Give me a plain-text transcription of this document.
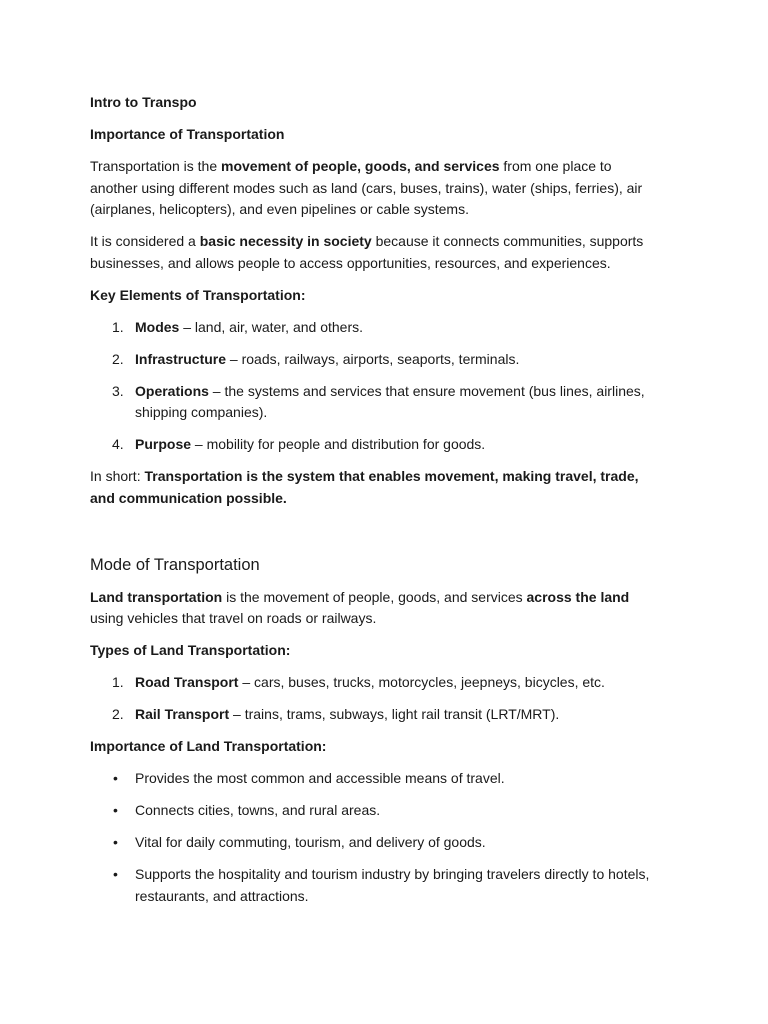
Intro to Transpo

Importance of Transportation

Transportation is the movement of people, goods, and services from one place to another using different modes such as land (cars, buses, trains), water (ships, ferries), air (airplanes, helicopters), and even pipelines or cable systems.

It is considered a basic necessity in society because it connects communities, supports businesses, and allows people to access opportunities, resources, and experiences.

Key Elements of Transportation:

1. Modes – land, air, water, and others.
2. Infrastructure – roads, railways, airports, seaports, terminals.
3. Operations – the systems and services that ensure movement (bus lines, airlines, shipping companies).
4. Purpose – mobility for people and distribution for goods.

In short: Transportation is the system that enables movement, making travel, trade, and communication possible.

Mode of Transportation

Land transportation is the movement of people, goods, and services across the land using vehicles that travel on roads or railways.

Types of Land Transportation:

1. Road Transport – cars, buses, trucks, motorcycles, jeepneys, bicycles, etc.
2. Rail Transport – trains, trams, subways, light rail transit (LRT/MRT).

Importance of Land Transportation:

• Provides the most common and accessible means of travel.
• Connects cities, towns, and rural areas.
• Vital for daily commuting, tourism, and delivery of goods.
• Supports the hospitality and tourism industry by bringing travelers directly to hotels, restaurants, and attractions.
